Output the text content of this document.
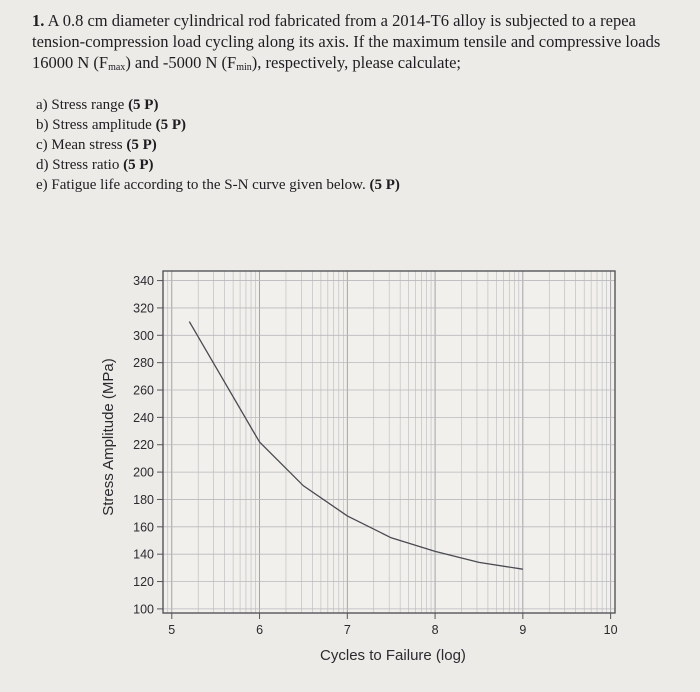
1. A 0.8 cm diameter cylindrical rod fabricated from a 2014-T6 alloy is subjected to a repea
tension-compression load cycling along its axis. If the maximum tensile and compressive loads
16000 N $(F_{max})$ and -5000 N $(F_{min})$, respectively, please calculate;
a) Stress range (5 P)
b) Stress amplitude (5 P)
c) Mean stress (5 P)
d) Stress ratio (5 P)
e) Fatigue life according to the S-N curve given below. (5 P)
100
120
140
160
180
200
220
240
260
280
300
320
340
5	6	7	8	9	10
Cycles to Failure (log)
Stress Amplitude (MPa)
